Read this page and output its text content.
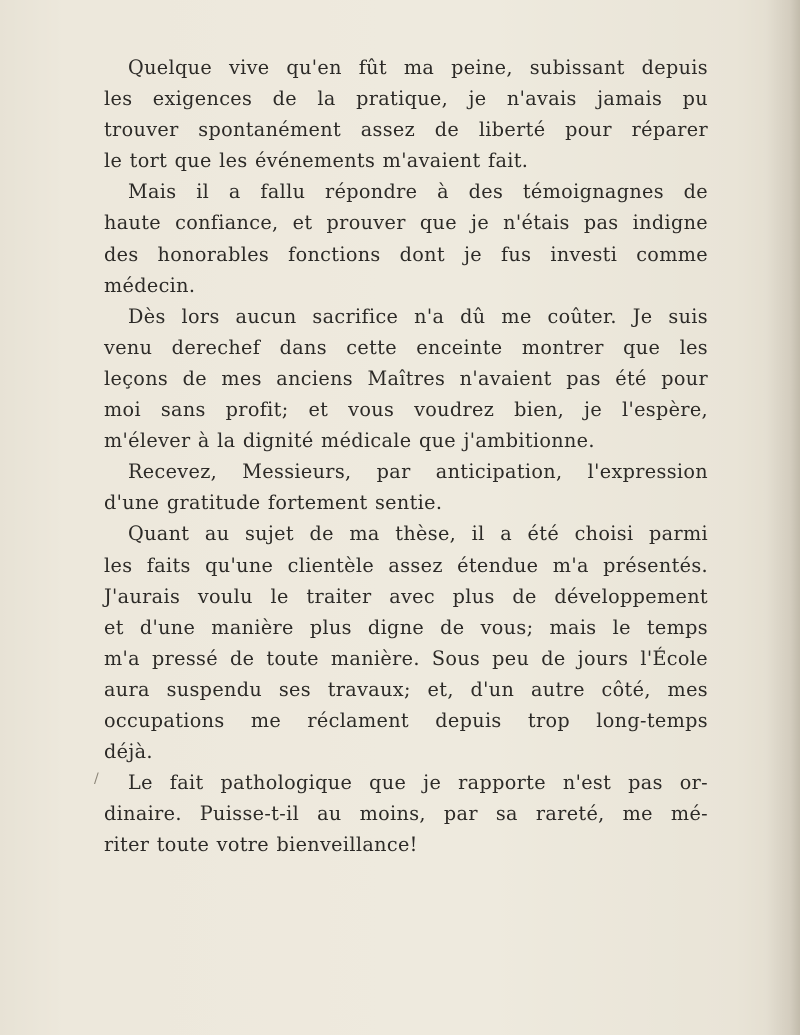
Quelque vive qu'en fût ma peine, subissant depuis
les exigences de la pratique, je n'avais jamais pu
trouver spontanément assez de liberté pour réparer
le tort que les événements m'avaient fait.
Mais il a fallu répondre à des témoignagnes de
haute confiance, et prouver que je n'étais pas indigne
des honorables fonctions dont je fus investi comme
médecin.
Dès lors aucun sacrifice n'a dû me coûter. Je suis
venu derechef dans cette enceinte montrer que les
leçons de mes anciens Maîtres n'avaient pas été pour
moi sans profit; et vous voudrez bien, je l'espère,
m'élever à la dignité médicale que j'ambitionne.
Recevez, Messieurs, par anticipation, l'expression
d'une gratitude fortement sentie.
Quant au sujet de ma thèse, il a été choisi parmi
les faits qu'une clientèle assez étendue m'a présentés.
J'aurais voulu le traiter avec plus de développement
et d'une manière plus digne de vous; mais le temps
m'a pressé de toute manière. Sous peu de jours l'École
aura suspendu ses travaux; et, d'un autre côté, mes
occupations me réclament depuis trop long-temps
déjà.
Le fait pathologique que je rapporte n'est pas or-
dinaire. Puisse-t-il au moins, par sa rareté, me mé-
riter toute votre bienveillance!
/
